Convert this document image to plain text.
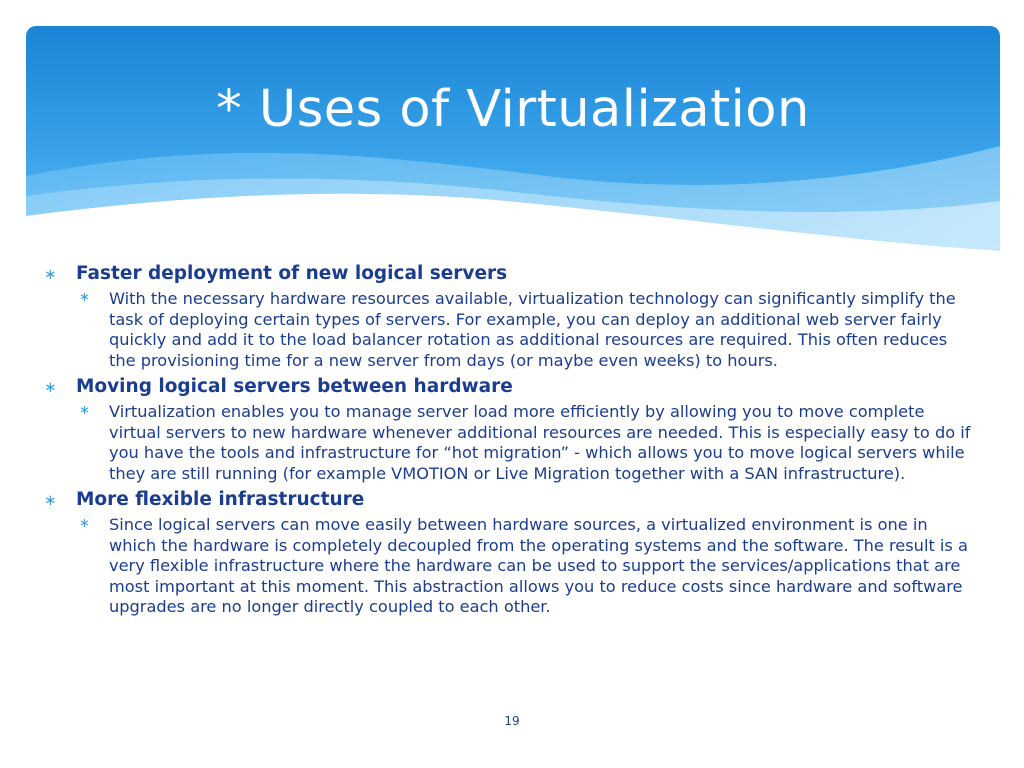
* Uses of Virtualization
∗ Faster deployment of new logical servers
∗ With the necessary hardware resources available, virtualization technology can significantly simplify the task of deploying certain types of servers. For example, you can deploy an additional web server fairly quickly and add it to the load balancer rotation as additional resources are required. This often reduces the provisioning time for a new server from days (or maybe even weeks) to hours.
∗ Moving logical servers between hardware
∗ Virtualization enables you to manage server load more efficiently by allowing you to move complete virtual servers to new hardware whenever additional resources are needed. This is especially easy to do if you have the tools and infrastructure for “hot migration” - which allows you to move logical servers while they are still running (for example VMOTION or Live Migration together with a SAN infrastructure).
∗ More flexible infrastructure
∗ Since logical servers can move easily between hardware sources, a virtualized environment is one in which the hardware is completely decoupled from the operating systems and the software. The result is a very flexible infrastructure where the hardware can be used to support the services/applications that are most important at this moment. This abstraction allows you to reduce costs since hardware and software upgrades are no longer directly coupled to each other.
19
